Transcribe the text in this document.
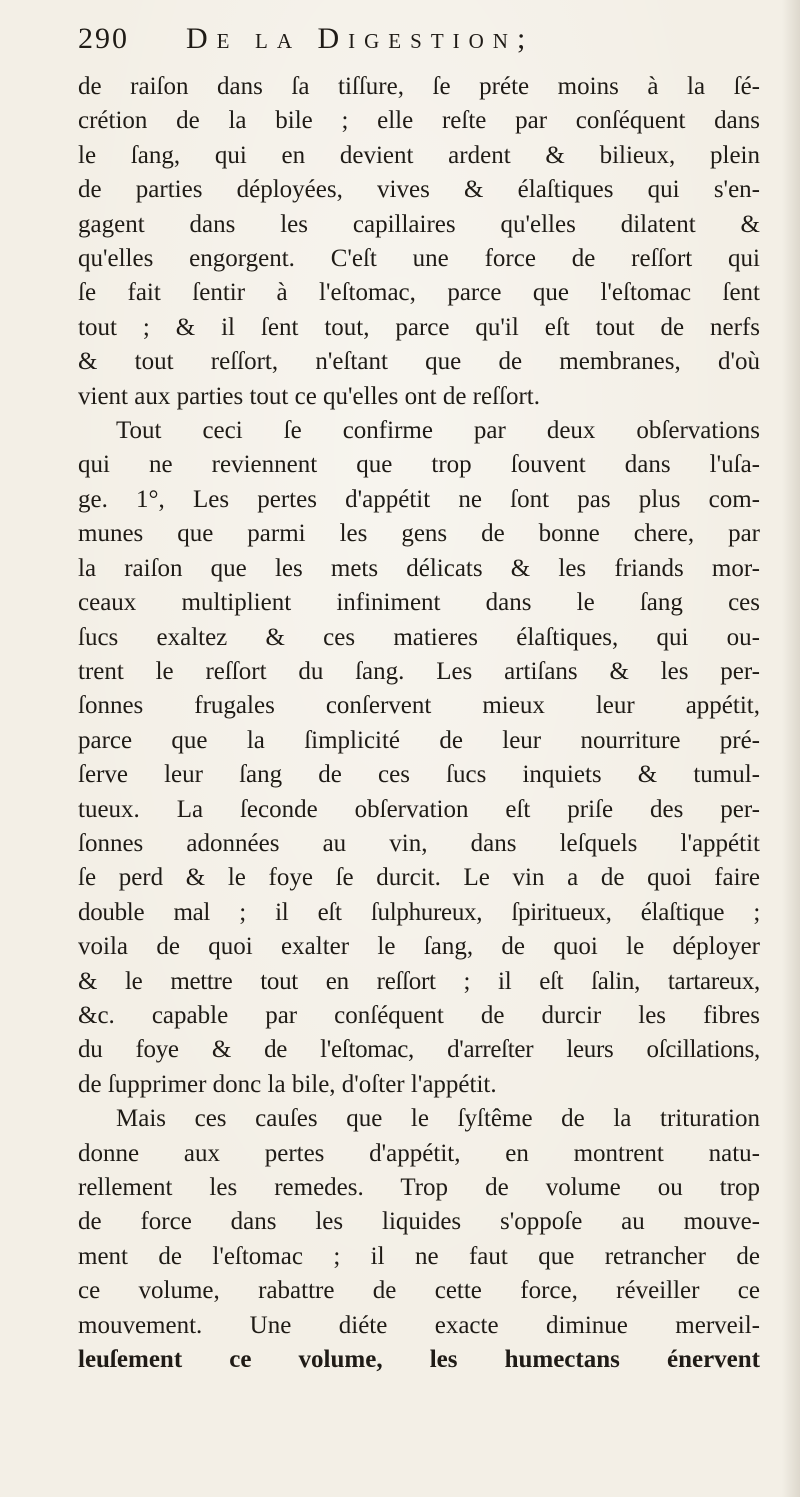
290	De la Digestion;

de raiſon dans ſa tiſſure, ſe préte moins à la ſé-

crétion de la bile ; elle reſte par conſéquent dans

le ſang, qui en devient ardent & bilieux, plein

de parties déployées, vives & élaſtiques qui s'en-

gagent dans les capillaires qu'elles dilatent &

qu'elles engorgent. C'eſt une force de reſſort qui

ſe fait ſentir à l'eſtomac, parce que l'eſtomac ſent

tout ; & il ſent tout, parce qu'il eſt tout de nerfs

& tout reſſort, n'eſtant que de membranes, d'où

vient aux parties tout ce qu'elles ont de reſſort.

Tout ceci ſe confirme par deux obſervations

qui ne reviennent que trop ſouvent dans l'uſa-

ge. 1°, Les pertes d'appétit ne ſont pas plus com-

munes que parmi les gens de bonne chere, par

la raiſon que les mets délicats & les friands mor-

ceaux multiplient infiniment dans le ſang ces

ſucs exaltez & ces matieres élaſtiques, qui ou-

trent le reſſort du ſang. Les artiſans & les per-

ſonnes frugales conſervent mieux leur appétit,

parce que la ſimplicité de leur nourriture pré-

ſerve leur ſang de ces ſucs inquiets & tumul-

tueux. La ſeconde obſervation eſt priſe des per-

ſonnes adonnées au vin, dans leſquels l'appétit

ſe perd & le foye ſe durcit. Le vin a de quoi faire

double mal ; il eſt ſulphureux, ſpiritueux, élaſtique ;

voila de quoi exalter le ſang, de quoi le déployer

& le mettre tout en reſſort ; il eſt ſalin, tartareux,

&c. capable par conſéquent de durcir les fibres

du foye & de l'eſtomac, d'arreſter leurs oſcillations,

de ſupprimer donc la bile, d'oſter l'appétit.

Mais ces cauſes que le ſyſtême de la trituration

donne aux pertes d'appétit, en montrent natu-

rellement les remedes. Trop de volume ou trop

de force dans les liquides s'oppoſe au mouve-

ment de l'eſtomac ; il ne faut que retrancher de

ce volume, rabattre de cette force, réveiller ce

mouvement. Une diéte exacte diminue merveil-

leuſement ce volume, les humectans énervent
